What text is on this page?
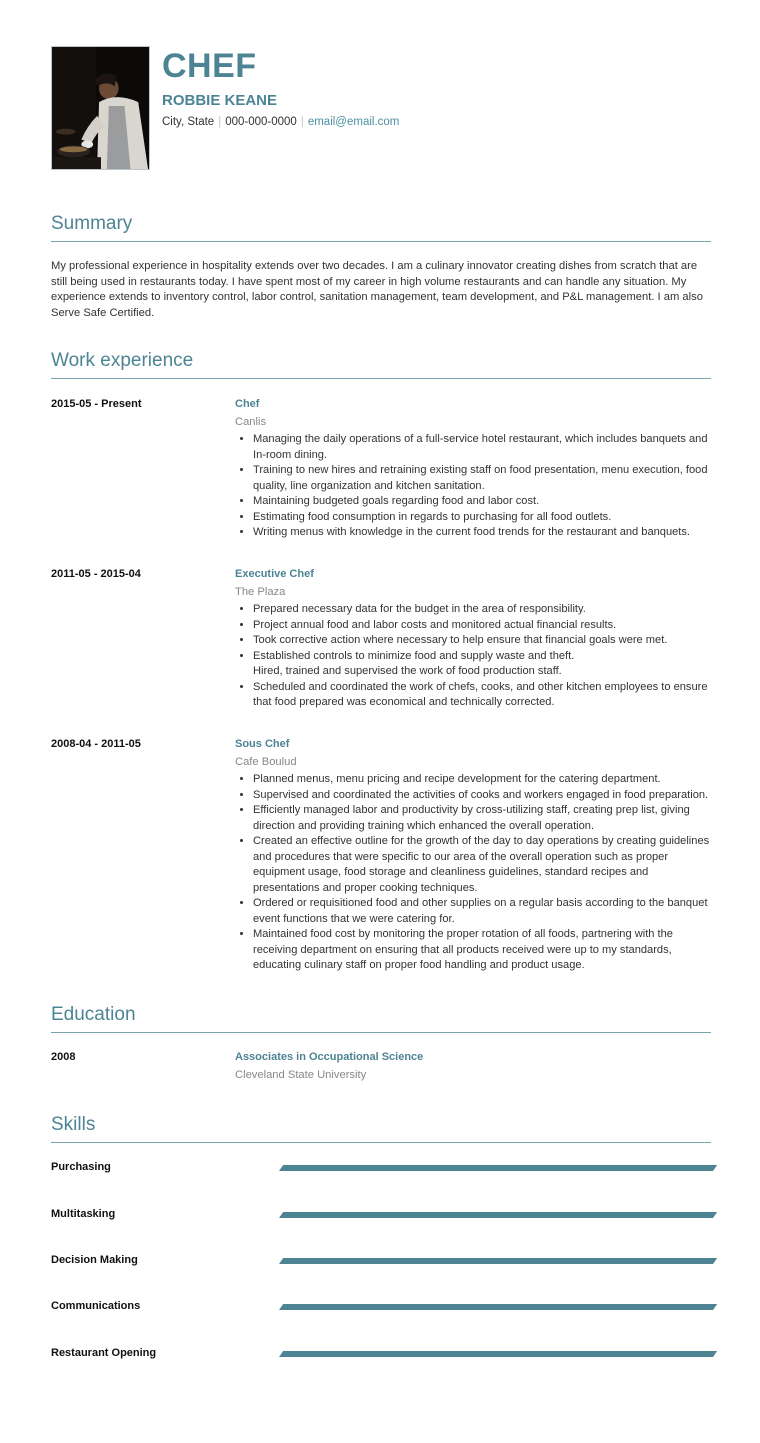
CHEF
ROBBIE KEANE
City, State | 000-000-0000 | email@email.com
Summary
My professional experience in hospitality extends over two decades. I am a culinary innovator creating dishes from scratch that are still being used in restaurants today. I have spent most of my career in high volume restaurants and can handle any situation. My experience extends to inventory control, labor control, sanitation management, team development, and P&L management. I am also Serve Safe Certified.
Work experience
2015-05 - Present	Chef
Canlis
• Managing the daily operations of a full-service hotel restaurant, which includes banquets and In-room dining.
• Training to new hires and retraining existing staff on food presentation, menu execution, food quality, line organization and kitchen sanitation.
• Maintaining budgeted goals regarding food and labor cost.
• Estimating food consumption in regards to purchasing for all food outlets.
• Writing menus with knowledge in the current food trends for the restaurant and banquets.
2011-05 - 2015-04	Executive Chef
The Plaza
• Prepared necessary data for the budget in the area of responsibility.
• Project annual food and labor costs and monitored actual financial results.
• Took corrective action where necessary to help ensure that financial goals were met.
• Established controls to minimize food and supply waste and theft.
Hired, trained and supervised the work of food production staff.
• Scheduled and coordinated the work of chefs, cooks, and other kitchen employees to ensure that food prepared was economical and technically corrected.
2008-04 - 2011-05	Sous Chef
Cafe Boulud
• Planned menus, menu pricing and recipe development for the catering department.
• Supervised and coordinated the activities of cooks and workers engaged in food preparation.
• Efficiently managed labor and productivity by cross-utilizing staff, creating prep list, giving direction and providing training which enhanced the overall operation.
• Created an effective outline for the growth of the day to day operations by creating guidelines and procedures that were specific to our area of the overall operation such as proper equipment usage, food storage and cleanliness guidelines, standard recipes and presentations and proper cooking techniques.
• Ordered or requisitioned food and other supplies on a regular basis according to the banquet event functions that we were catering for.
• Maintained food cost by monitoring the proper rotation of all foods, partnering with the receiving department on ensuring that all products received were up to my standards, educating culinary staff on proper food handling and product usage.
Education
2008	Associates in Occupational Science
Cleveland State University
Skills
Purchasing
Multitasking
Decision Making
Communications
Restaurant Opening
